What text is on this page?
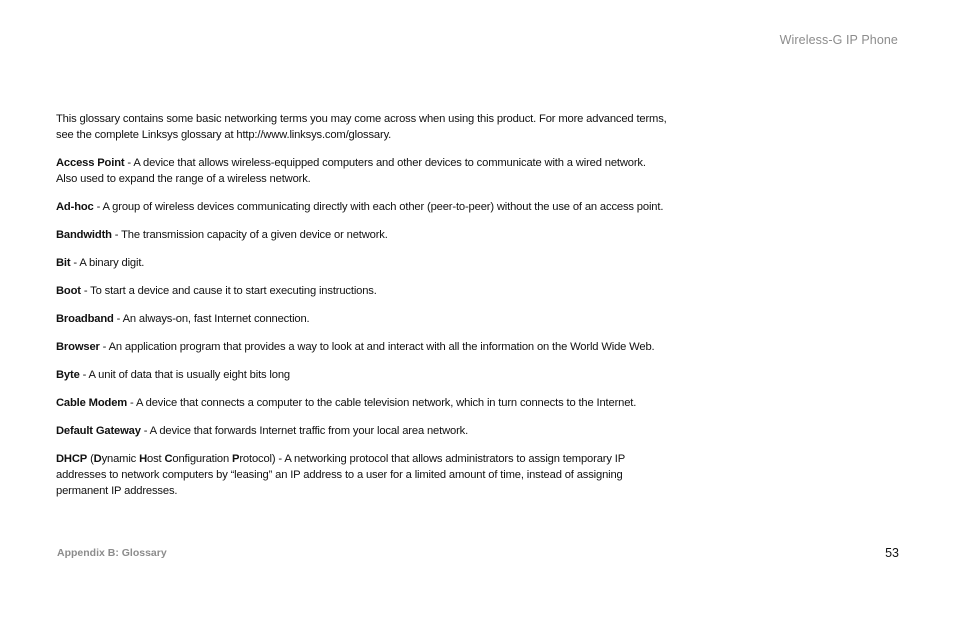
Wireless-G IP Phone

This glossary contains some basic networking terms you may come across when using this product. For more advanced terms, see the complete Linksys glossary at http://www.linksys.com/glossary.

Access Point - A device that allows wireless-equipped computers and other devices to communicate with a wired network. Also used to expand the range of a wireless network.

Ad-hoc - A group of wireless devices communicating directly with each other (peer-to-peer) without the use of an access point.

Bandwidth - The transmission capacity of a given device or network.

Bit - A binary digit.

Boot - To start a device and cause it to start executing instructions.

Broadband - An always-on, fast Internet connection.

Browser - An application program that provides a way to look at and interact with all the information on the World Wide Web.

Byte - A unit of data that is usually eight bits long

Cable Modem - A device that connects a computer to the cable television network, which in turn connects to the Internet.

Default Gateway - A device that forwards Internet traffic from your local area network.

DHCP (Dynamic Host Configuration Protocol) - A networking protocol that allows administrators to assign temporary IP addresses to network computers by “leasing” an IP address to a user for a limited amount of time, instead of assigning permanent IP addresses.

Appendix B: Glossary	53
